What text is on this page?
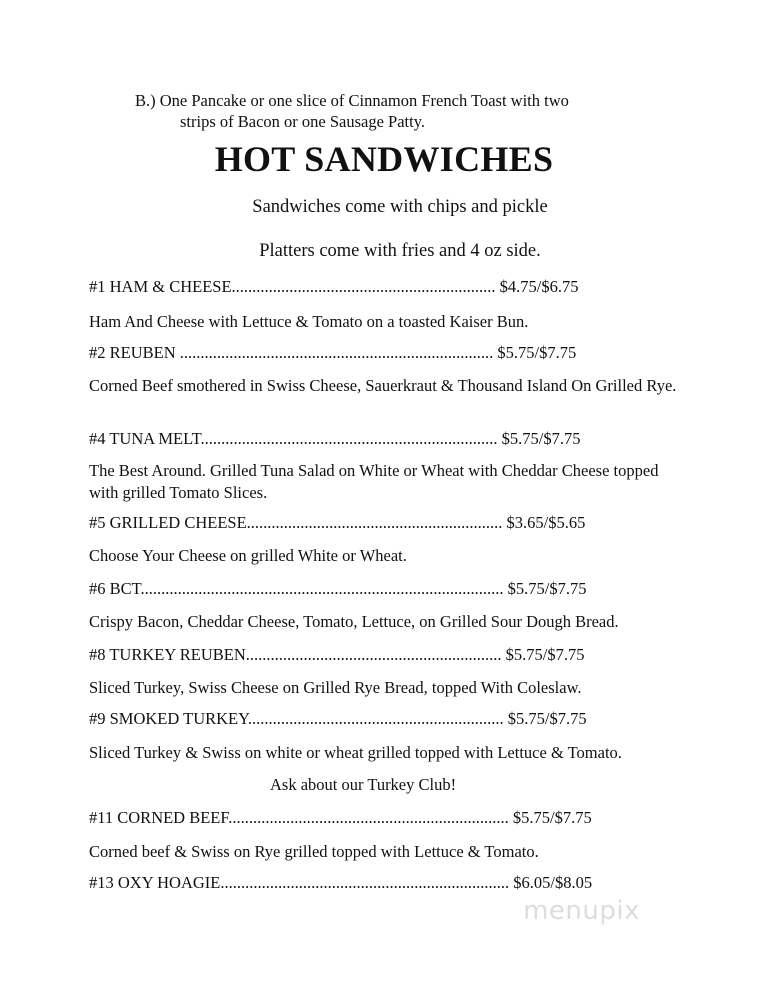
B.) One Pancake or one slice of Cinnamon French Toast with two
strips of Bacon or one Sausage Patty.
HOT SANDWICHES
Sandwiches come with chips and pickle
Platters come with fries and 4 oz side.
#1 HAM & CHEESE................................................................ $4.75/$6.75
Ham And Cheese with Lettuce & Tomato on a toasted Kaiser Bun.
#2 REUBEN ............................................................................ $5.75/$7.75
Corned Beef smothered in Swiss Cheese, Sauerkraut & Thousand Island On Grilled Rye.
#4 TUNA MELT........................................................................ $5.75/$7.75
The Best Around. Grilled Tuna Salad on White or Wheat with Cheddar Cheese topped with grilled Tomato Slices.
#5 GRILLED CHEESE.............................................................. $3.65/$5.65
Choose Your Cheese on grilled White or Wheat.
#6 BCT........................................................................................ $5.75/$7.75
Crispy Bacon, Cheddar Cheese, Tomato, Lettuce, on Grilled Sour Dough Bread.
#8 TURKEY REUBEN.............................................................. $5.75/$7.75
Sliced Turkey, Swiss Cheese on Grilled Rye Bread, topped With Coleslaw.
#9 SMOKED TURKEY.............................................................. $5.75/$7.75
Sliced Turkey & Swiss on white or wheat grilled topped with Lettuce & Tomato.
Ask about our Turkey Club!
#11 CORNED BEEF.................................................................... $5.75/$7.75
Corned beef & Swiss on Rye grilled topped with Lettuce & Tomato.
#13 OXY HOAGIE...................................................................... $6.05/$8.05
menupix
